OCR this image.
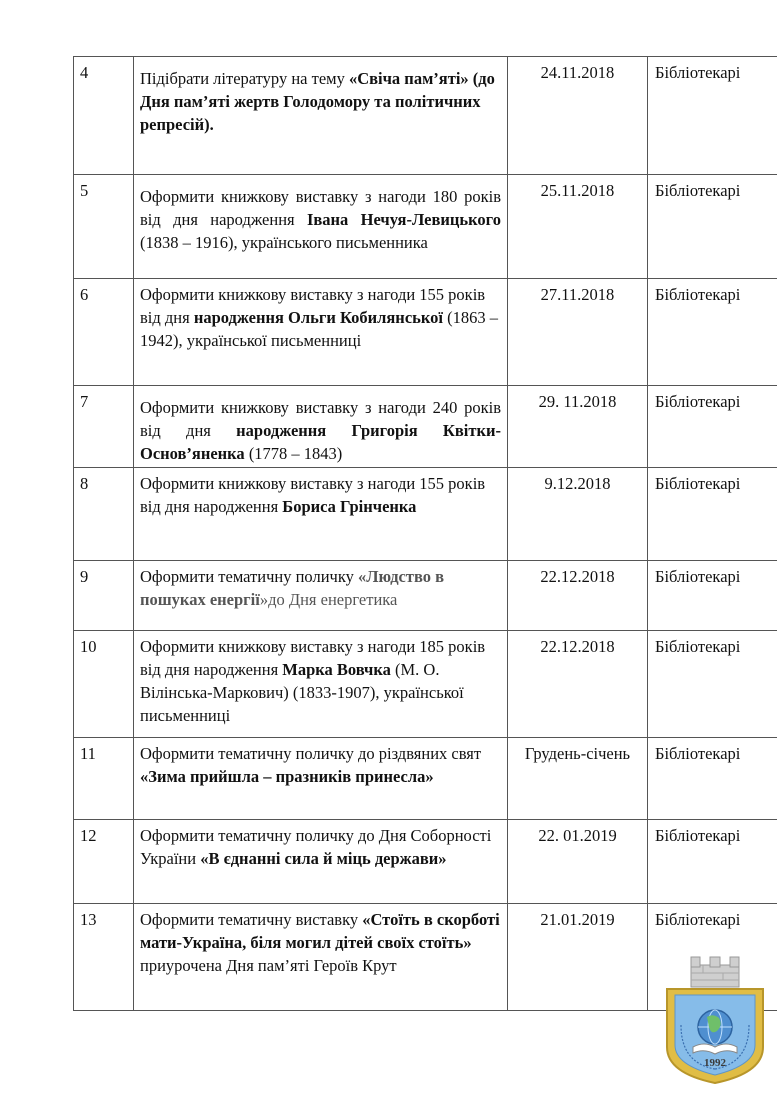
4	Підібрати літературу на тему «Свіча пам’яті» (до Дня пам’яті жертв Голодомору та політичних репресій).	24.11.2018	Бібліотекарі
5	Оформити книжкову виставку з нагоди 180 років від дня народження Івана Нечуя-Левицького (1838 – 1916), українського письменника	25.11.2018	Бібліотекарі
6	Оформити книжкову виставку з нагоди 155 років від дня народження Ольги Кобилянської (1863 – 1942), української письменниці	27.11.2018	Бібліотекарі
7	Оформити книжкову виставку з нагоди 240 років від дня народження Григорія Квітки-Основ’яненка (1778 – 1843)	29. 11.2018	Бібліотекарі
8	Оформити книжкову виставку з нагоди 155 років від дня народження Бориса Грінченка	9.12.2018	Бібліотекарі
9	Оформити тематичну поличку «Людство в пошуках енергії»до Дня енергетика	22.12.2018	Бібліотекарі
10	Оформити книжкову виставку з нагоди 185 років від дня народження Марка Вовчка (М. О. Вілінська-Маркович) (1833-1907), української письменниці	22.12.2018	Бібліотекарі
11	Оформити тематичну поличку до різдвяних свят «Зима прийшла – празників принесла»	Грудень-січень	Бібліотекарі
12	Оформити тематичну поличку до Дня Соборності України «В єднанні сила й міць держави»	22. 01.2019	Бібліотекарі
13	Оформити тематичну виставку «Стоїть в скорботі мати-Україна, біля могил дітей своїх стоїть» приурочена Дня пам’яті Героїв Крут	21.01.2019	Бібліотекарі
1992
